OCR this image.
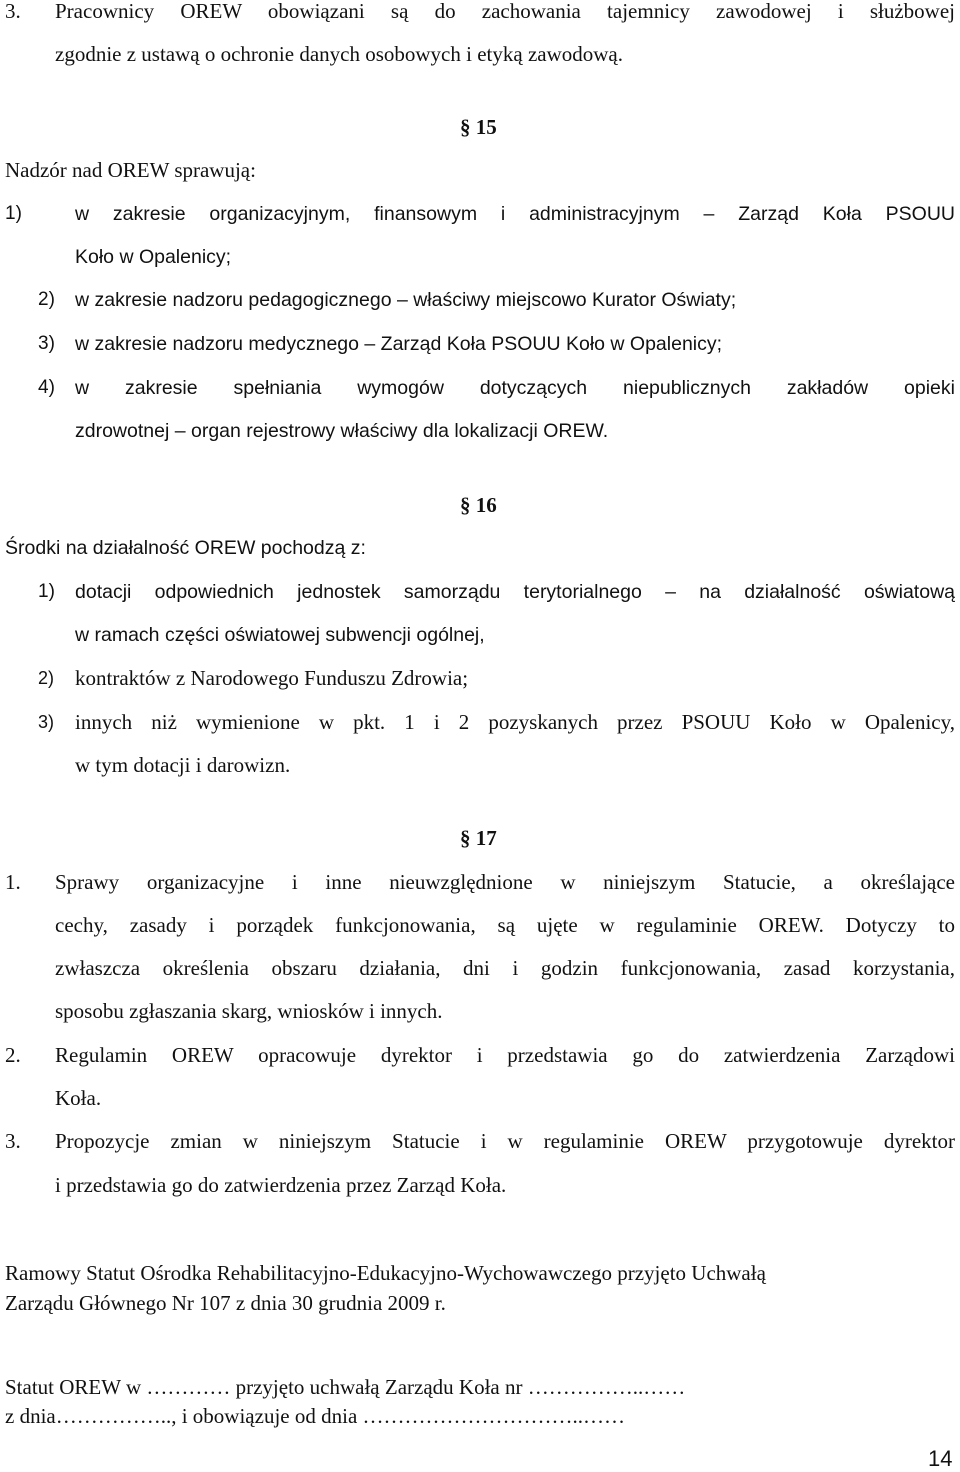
3. Pracownicy OREW obowiązani są do zachowania tajemnicy zawodowej i służbowej
zgodnie z ustawą o ochronie danych osobowych i etyką zawodową.
§ 15
Nadzór nad OREW sprawują:
1)	w zakresie organizacyjnym, finansowym i administracyjnym – Zarząd Koła PSOUU
Koło w Opalenicy;
2) w zakresie nadzoru pedagogicznego – właściwy miejscowo Kurator Oświaty;
3) w zakresie nadzoru medycznego – Zarząd Koła PSOUU Koło w Opalenicy;
4) w zakresie spełniania wymogów dotyczących niepublicznych zakładów opieki
zdrowotnej – organ rejestrowy właściwy dla lokalizacji OREW.
§ 16
Środki na działalność OREW pochodzą z:
1) dotacji odpowiednich jednostek samorządu terytorialnego – na działalność oświatową
w ramach części oświatowej subwencji ogólnej,
2) kontraktów z Narodowego Funduszu Zdrowia;
3) innych niż wymienione w pkt. 1 i 2 pozyskanych przez PSOUU Koło w Opalenicy,
w tym dotacji i darowizn.
§ 17
1. Sprawy organizacyjne i inne nieuwzględnione w niniejszym Statucie, a określające
cechy, zasady i porządek funkcjonowania, są ujęte w regulaminie OREW. Dotyczy to
zwłaszcza określenia obszaru działania, dni i godzin funkcjonowania, zasad korzystania,
sposobu zgłaszania skarg, wniosków i innych.
2. Regulamin OREW opracowuje dyrektor i przedstawia go do zatwierdzenia Zarządowi
Koła.
3. Propozycje zmian w niniejszym Statucie i w regulaminie OREW przygotowuje dyrektor
i przedstawia go do zatwierdzenia przez Zarząd Koła.
Ramowy Statut Ośrodka Rehabilitacyjno-Edukacyjno-Wychowawczego przyjęto Uchwałą
Zarządu Głównego Nr 107 z dnia 30 grudnia 2009 r.
Statut OREW w ………… przyjęto uchwałą Zarządu Koła nr ……………..……
z dnia…………….., i obowiązuje od dnia …………………………..……
14
